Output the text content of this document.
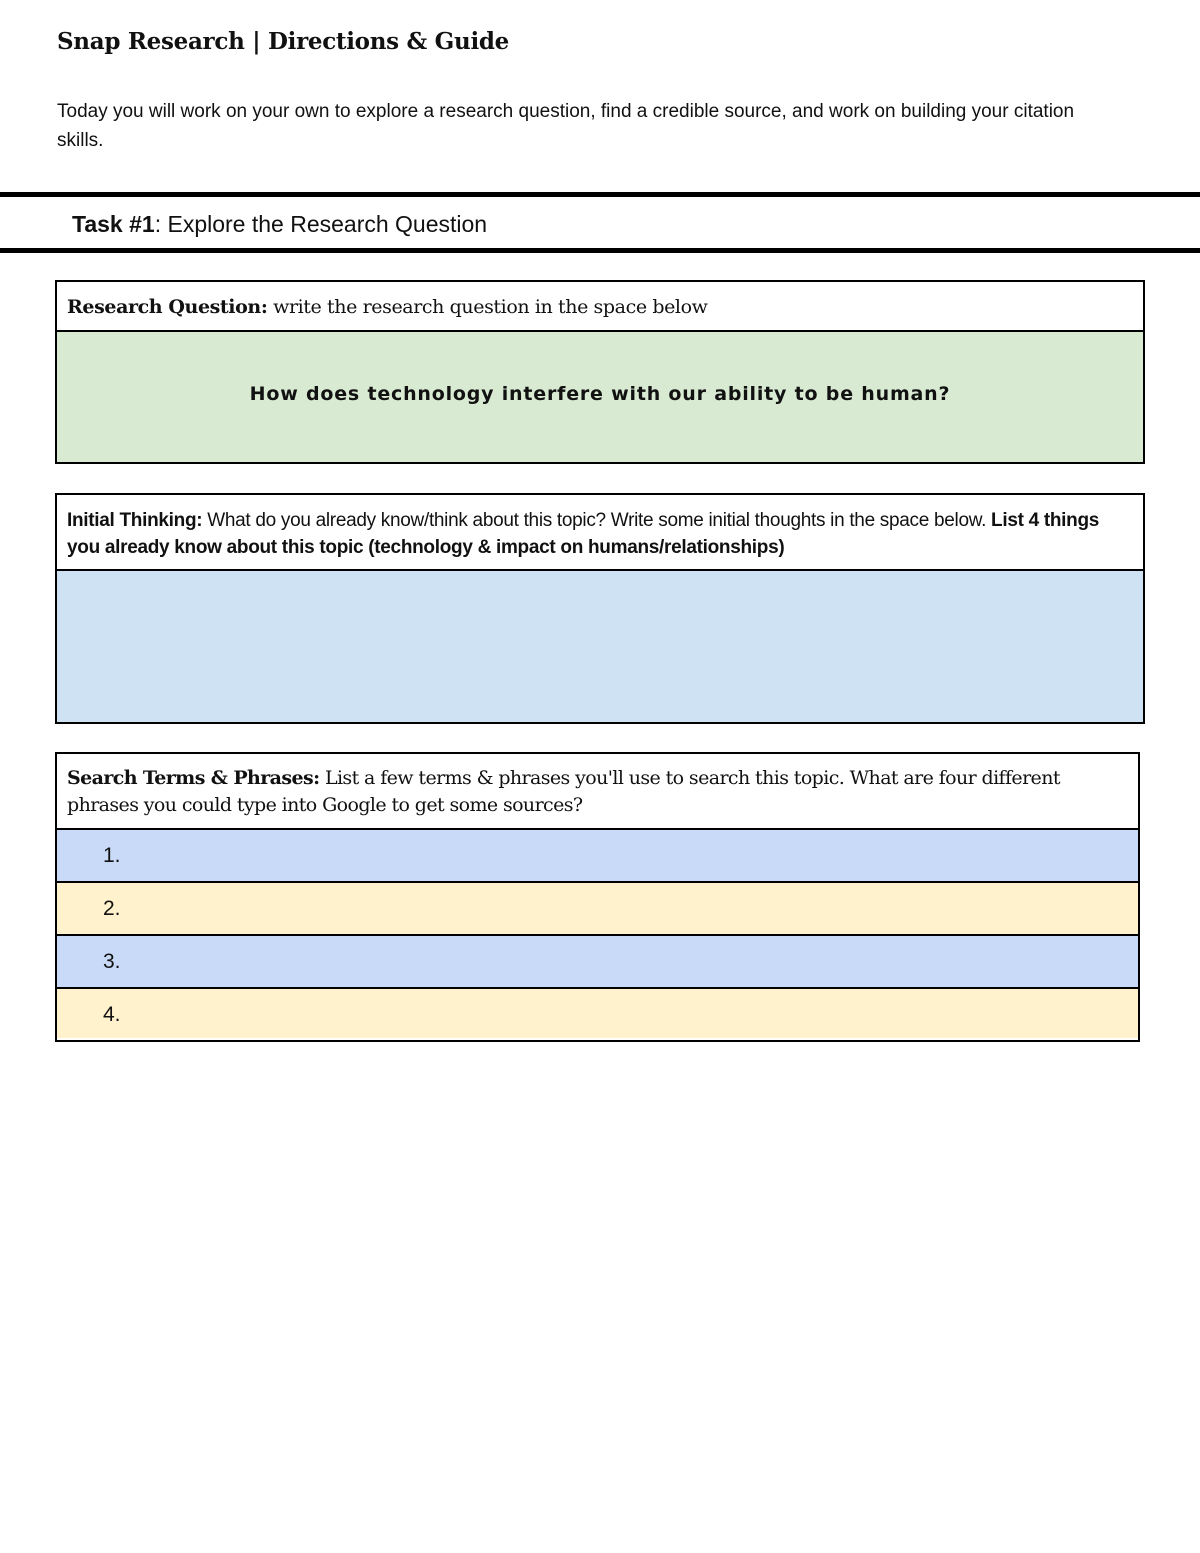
Snap Research | Directions & Guide

Today you will work on your own to explore a research question, find a credible source, and work on building your citation skills.

Task #1: Explore the Research Question
Research Question: write the research question in the space below
How does technology interfere with our ability to be human?
Initial Thinking: What do you already know/think about this topic? Write some initial thoughts in the space below. List 4 things you already know about this topic (technology & impact on humans/relationships)
Search Terms & Phrases: List a few terms & phrases you'll use to search this topic. What are four different phrases you could type into Google to get some sources?
1.
2.
3.
4.
